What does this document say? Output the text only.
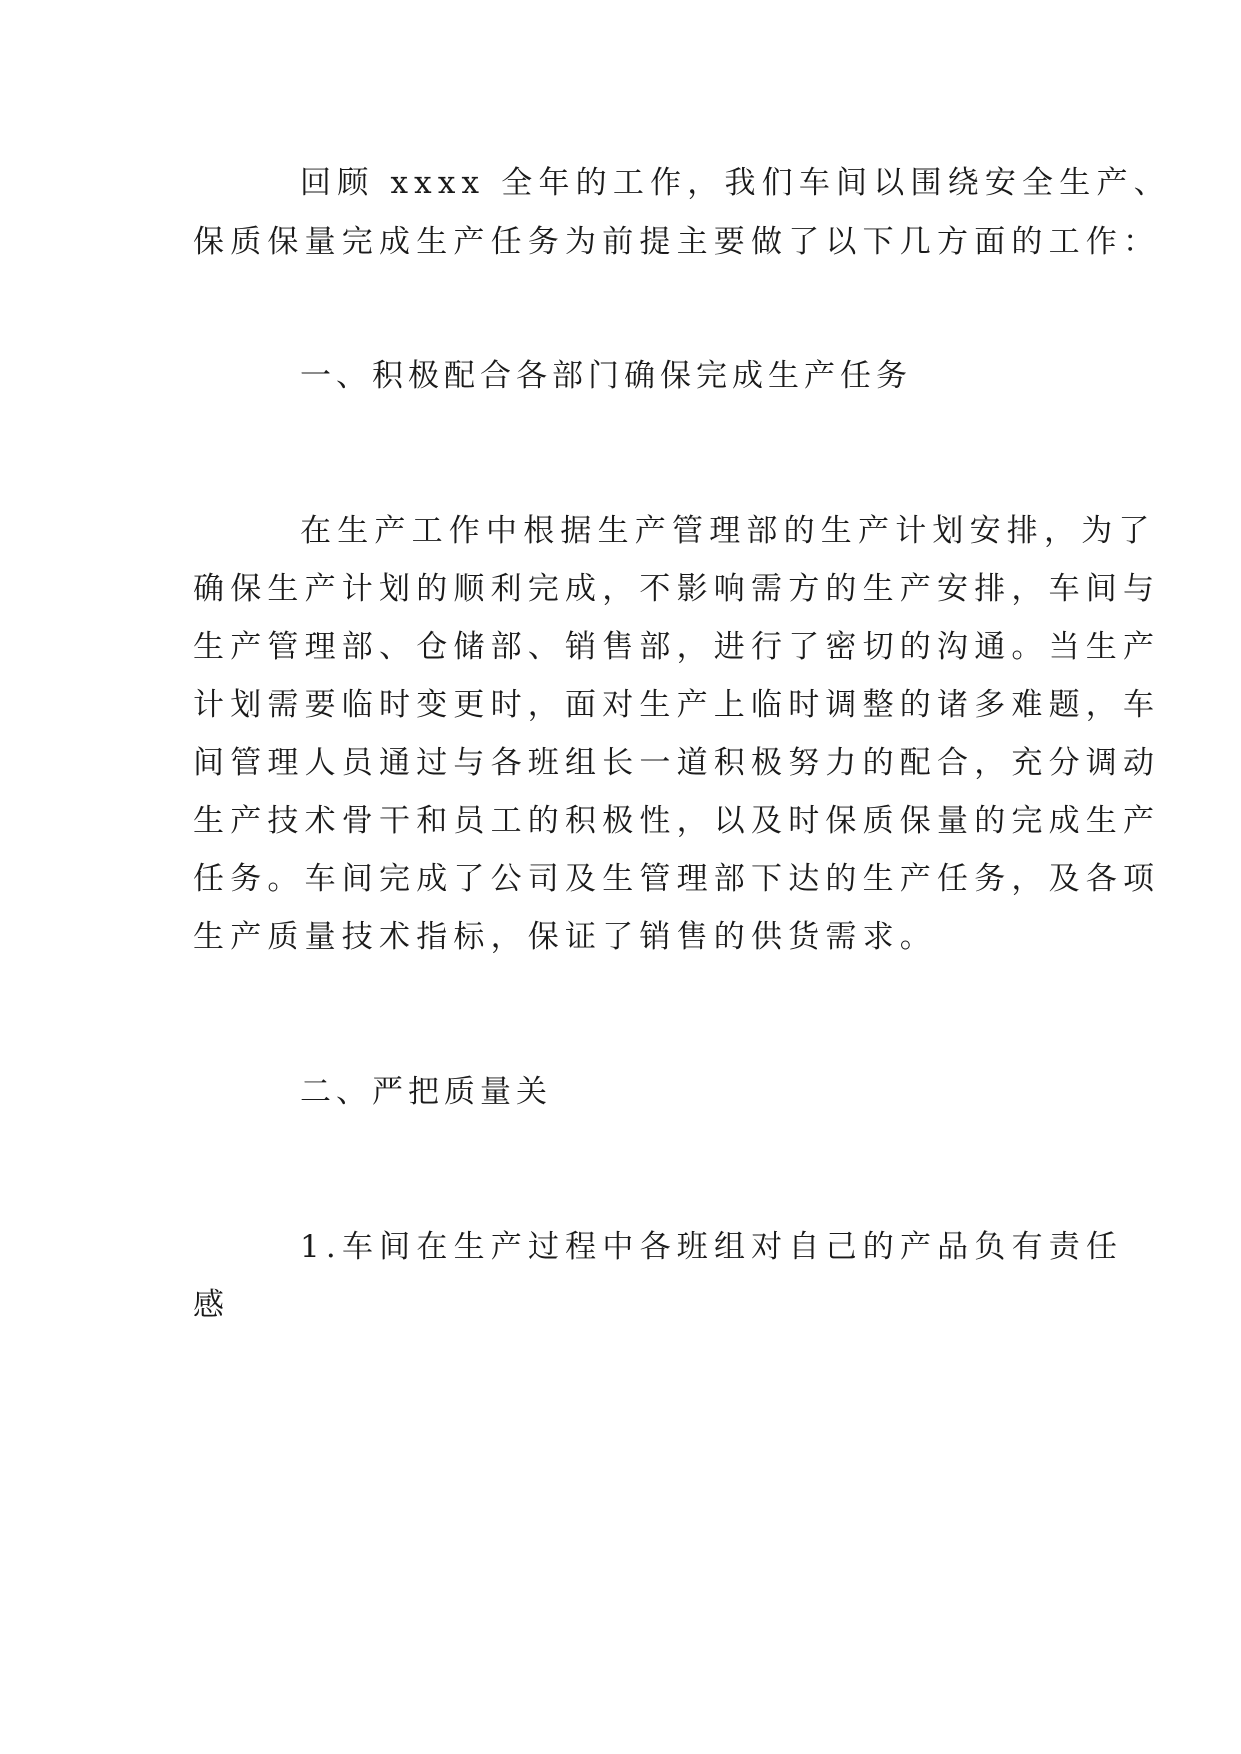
回顾 xxxx 全年的工作，我们车间以围绕安全生产、
保质保量完成生产任务为前提主要做了以下几方面的工作：
一、积极配合各部门确保完成生产任务
在生产工作中根据生产管理部的生产计划安排，为了
确保生产计划的顺利完成，不影响需方的生产安排，车间与
生产管理部、仓储部、销售部，进行了密切的沟通。当生产
计划需要临时变更时，面对生产上临时调整的诸多难题，车
间管理人员通过与各班组长一道积极努力的配合，充分调动
生产技术骨干和员工的积极性，以及时保质保量的完成生产
任务。车间完成了公司及生管理部下达的生产任务，及各项
生产质量技术指标，保证了销售的供货需求。
二、严把质量关
1.车间在生产过程中各班组对自己的产品负有责任
感
